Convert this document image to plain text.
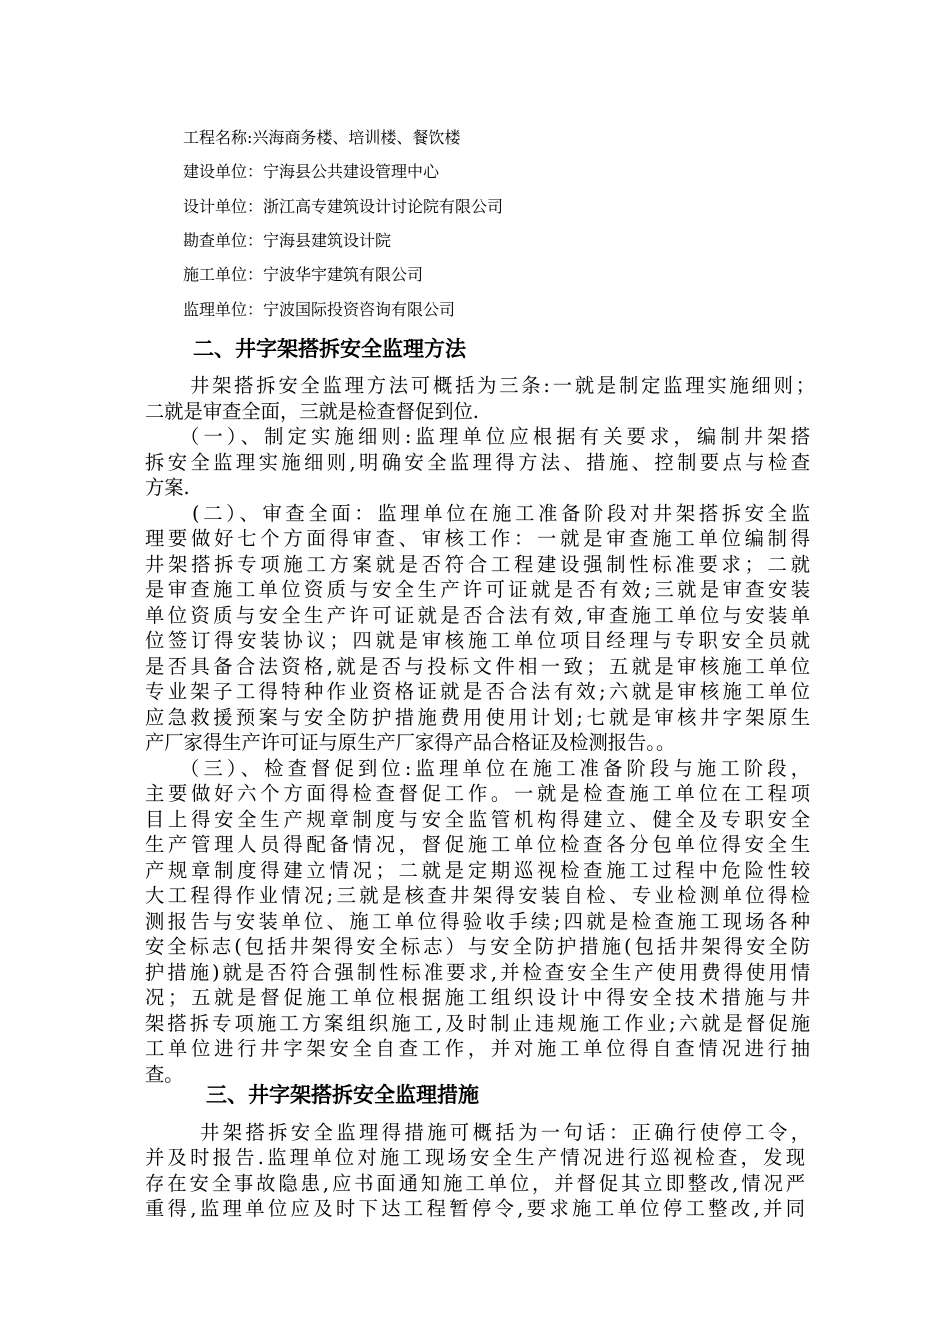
工程名称:兴海商务楼、培训楼、餐饮楼
建设单位：宁海县公共建设管理中心
设计单位：浙江高专建筑设计讨论院有限公司
勘查单位：宁海县建筑设计院
施工单位：宁波华宇建筑有限公司
监理单位：宁波国际投资咨询有限公司
二、井字架搭拆安全监理方法
井架搭拆安全监理方法可概括为三条:一就是制定监理实施细则；
二就是审查全面，三就是检查督促到位.
（一）、制定实施细则:监理单位应根据有关要求，编制井架搭
拆安全监理实施细则,明确安全监理得方法、措施、控制要点与检查
方案.
(二）、审查全面：监理单位在施工准备阶段对井架搭拆安全监
理要做好七个方面得审查、审核工作：一就是审查施工单位编制得
井架搭拆专项施工方案就是否符合工程建设强制性标准要求；二就
是审查施工单位资质与安全生产许可证就是否有效;三就是审查安装
单位资质与安全生产许可证就是否合法有效,审查施工单位与安装单
位签订得安装协议；四就是审核施工单位项目经理与专职安全员就
是否具备合法资格,就是否与投标文件相一致；五就是审核施工单位
专业架子工得特种作业资格证就是否合法有效;六就是审核施工单位
应急救援预案与安全防护措施费用使用计划;七就是审核井字架原生
产厂家得生产许可证与原生产厂家得产品合格证及检测报告。。
（三）、检查督促到位:监理单位在施工准备阶段与施工阶段，
主要做好六个方面得检查督促工作。一就是检查施工单位在工程项
目上得安全生产规章制度与安全监管机构得建立、健全及专职安全
生产管理人员得配备情况，督促施工单位检查各分包单位得安全生
产规章制度得建立情况；二就是定期巡视检查施工过程中危险性较
大工程得作业情况;三就是核查井架得安装自检、专业检测单位得检
测报告与安装单位、施工单位得验收手续;四就是检查施工现场各种
安全标志(包括井架得安全标志）与安全防护措施(包括井架得安全防
护措施)就是否符合强制性标准要求,并检查安全生产使用费得使用情
况；五就是督促施工单位根据施工组织设计中得安全技术措施与井
架搭拆专项施工方案组织施工,及时制止违规施工作业;六就是督促施
工单位进行井字架安全自查工作，并对施工单位得自查情况进行抽
查。
三、井字架搭拆安全监理措施
井架搭拆安全监理得措施可概括为一句话：正确行使停工令，
并及时报告.监理单位对施工现场安全生产情况进行巡视检查，发现
存在安全事故隐患,应书面通知施工单位，并督促其立即整改,情况严
重得,监理单位应及时下达工程暂停令,要求施工单位停工整改,并同
